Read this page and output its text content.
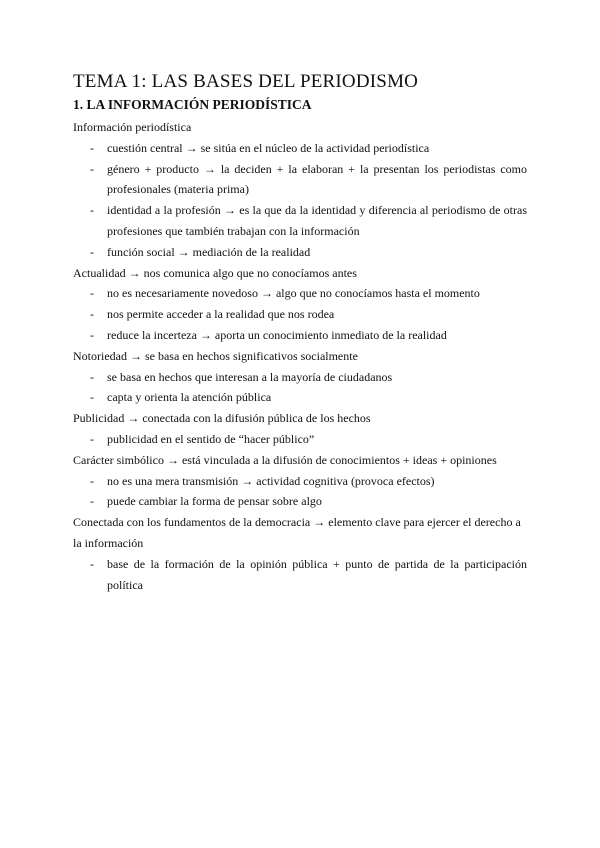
TEMA 1: LAS BASES DEL PERIODISMO
1. LA INFORMACIÓN PERIODÍSTICA

Información periodística

- cuestión central → se sitúa en el núcleo de la actividad periodística
- género + producto → la deciden + la elaboran + la presentan los periodistas como profesionales (materia prima)
- identidad a la profesión → es la que da la identidad y diferencia al periodismo de otras profesiones que también trabajan con la información
- función social → mediación de la realidad

Actualidad → nos comunica algo que no conocíamos antes

- no es necesariamente novedoso → algo que no conocíamos hasta el momento
- nos permite acceder a la realidad que nos rodea
- reduce la incerteza → aporta un conocimiento inmediato de la realidad

Notoriedad → se basa en hechos significativos socialmente

- se basa en hechos que interesan a la mayoría de ciudadanos
- capta y orienta la atención pública

Publicidad → conectada con la difusión pública de los hechos

- publicidad en el sentido de “hacer público”

Carácter simbólico → está vinculada a la difusión de conocimientos + ideas + opiniones

- no es una mera transmisión → actividad cognitiva (provoca efectos)
- puede cambiar la forma de pensar sobre algo

Conectada con los fundamentos de la democracia → elemento clave para ejercer el derecho a la información

- base de la formación de la opinión pública + punto de partida de la participación política
